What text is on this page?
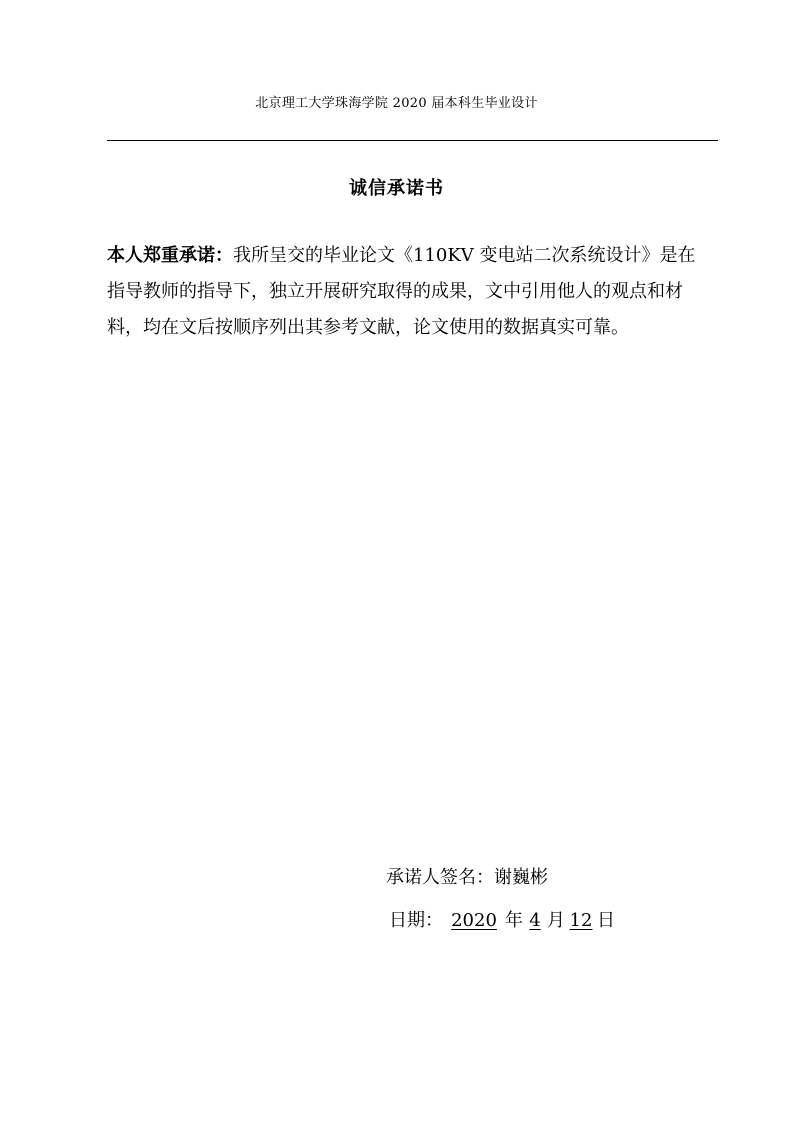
北京理工大学珠海学院 2020 届本科生毕业设计
诚信承诺书

本人郑重承诺：我所呈交的毕业论文《110KV 变电站二次系统设计》是在指导教师的指导下，独立开展研究取得的成果，文中引用他人的观点和材料，均在文后按顺序列出其参考文献，论文使用的数据真实可靠。

承诺人签名：谢巍彬
日期： 2020 年 4 月 12 日
